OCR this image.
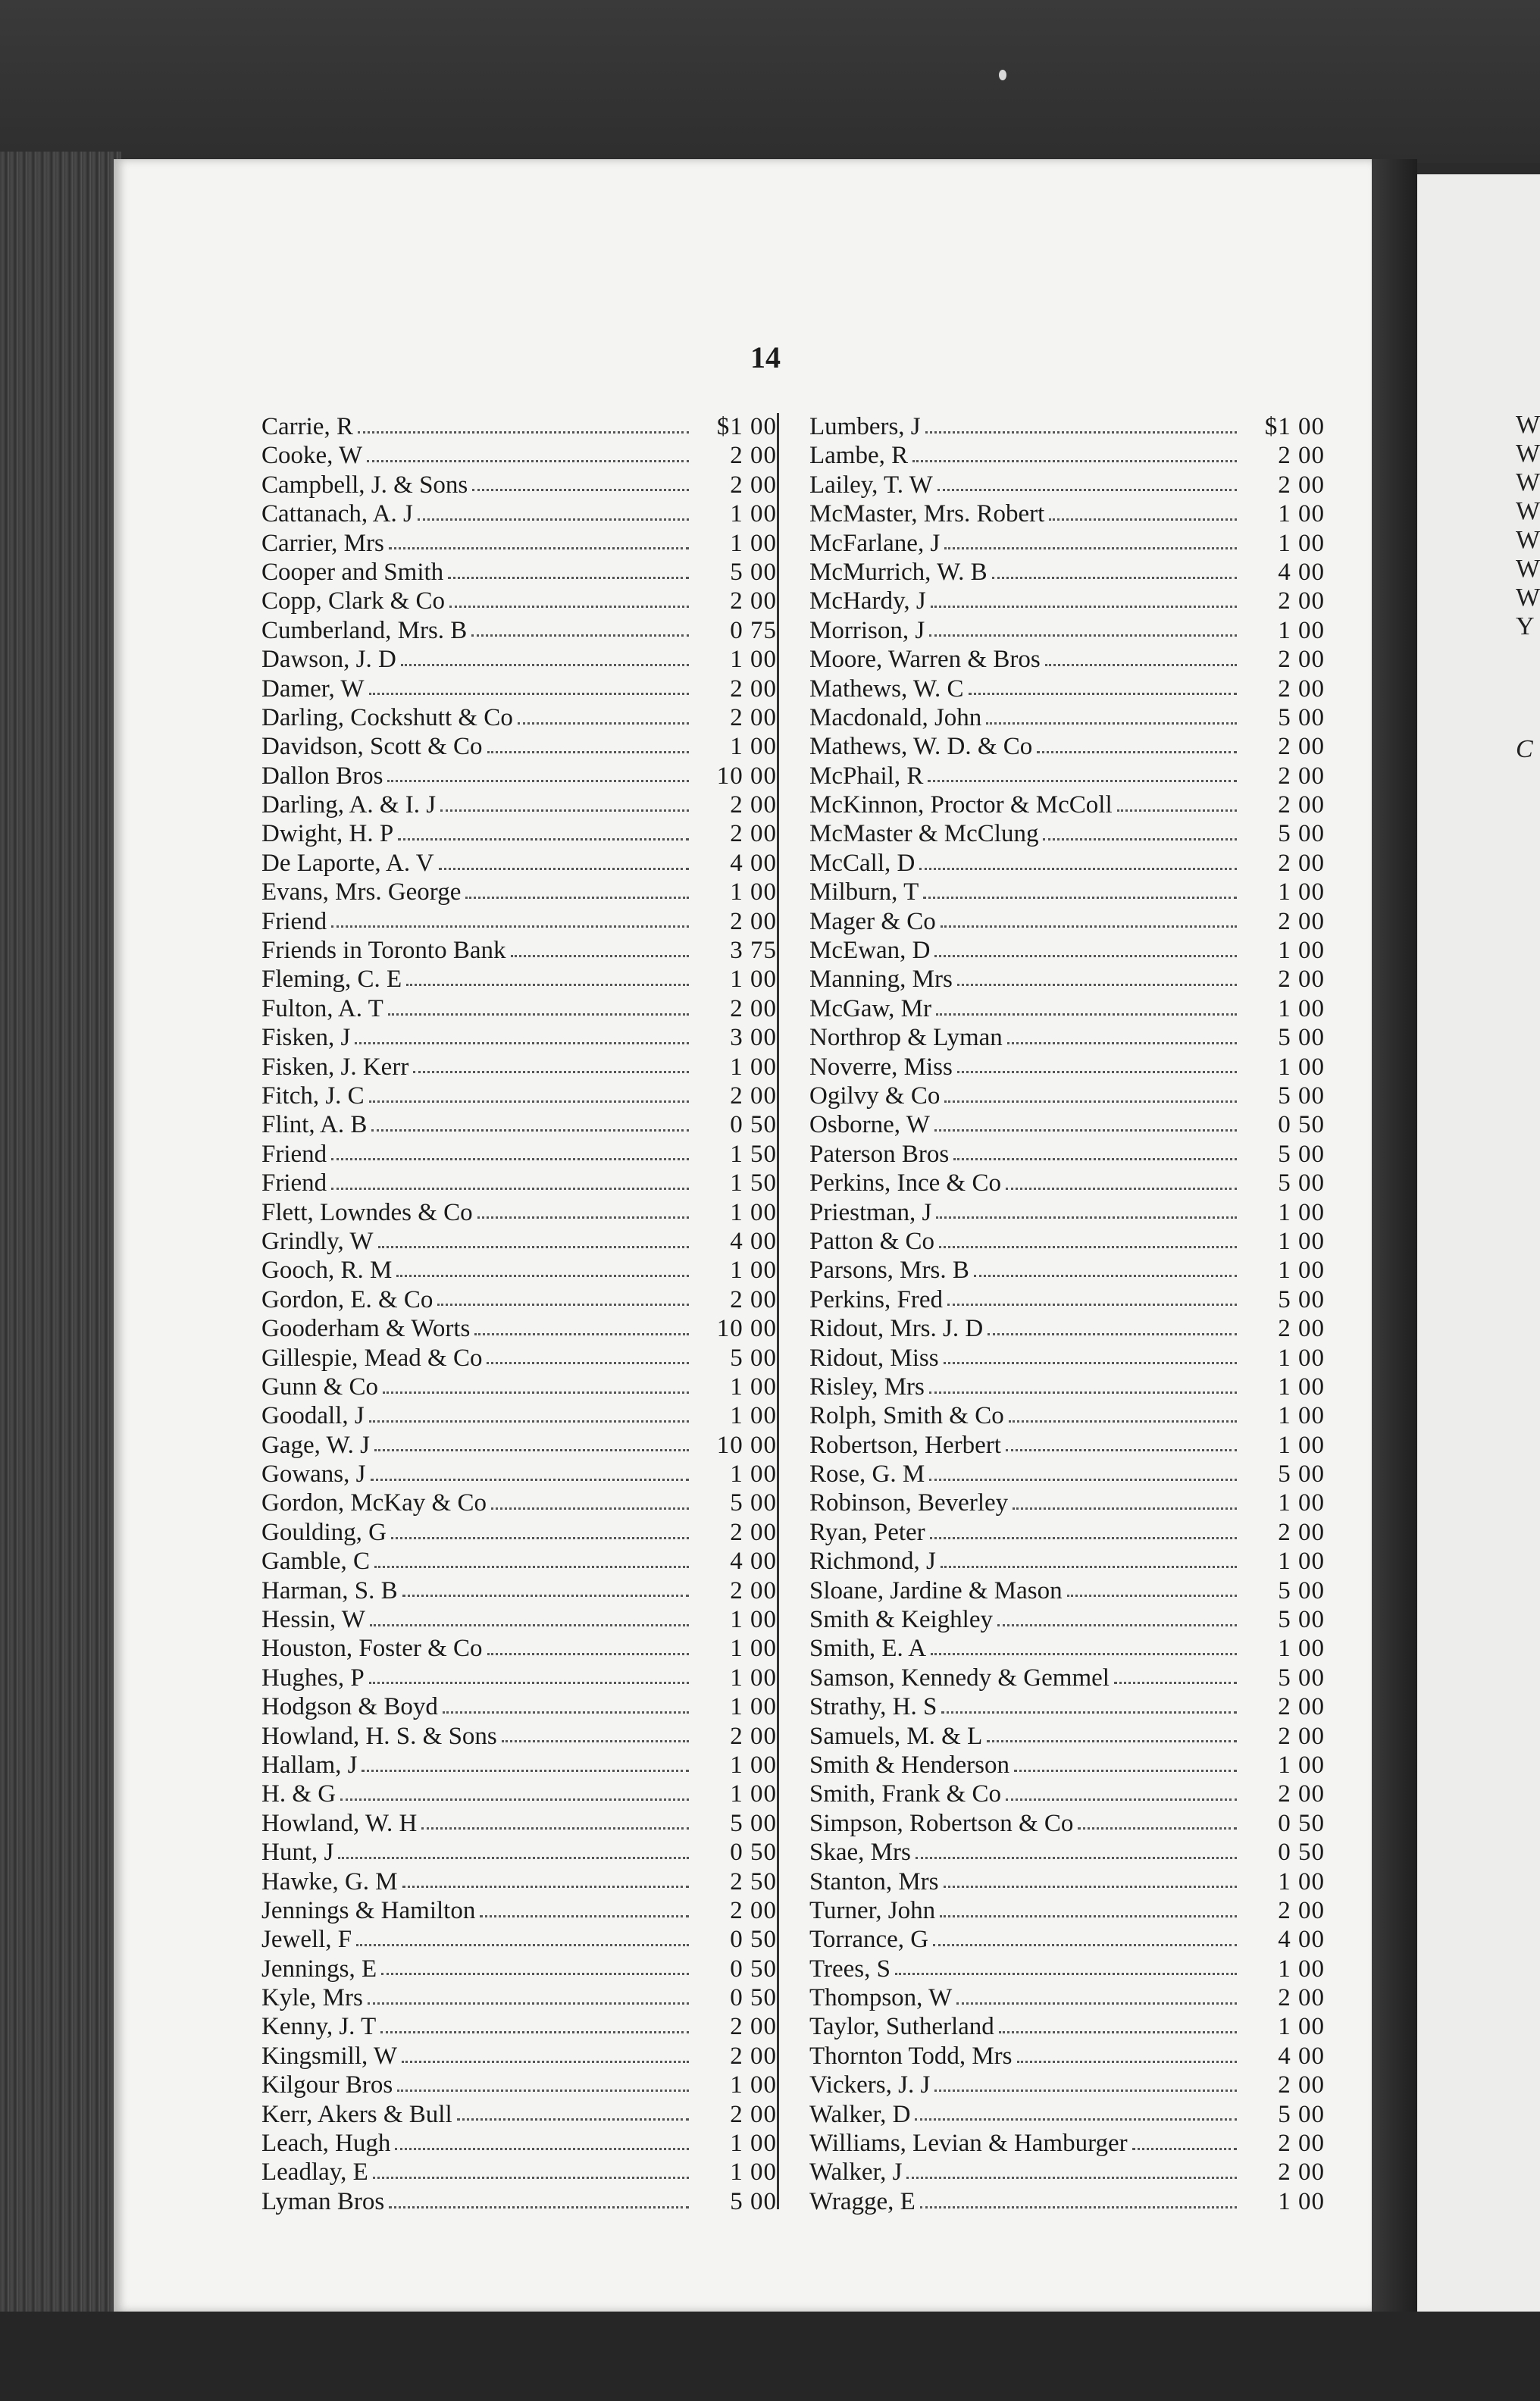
W
W
W
W
W
W
W
Y
C
14
Carrie, R	$1 00
Cooke, W	2 00
Campbell, J. & Sons	2 00
Cattanach, A. J	1 00
Carrier, Mrs	1 00
Cooper and Smith	5 00
Copp, Clark & Co	2 00
Cumberland, Mrs. B	0 75
Dawson, J. D	1 00
Damer, W	2 00
Darling, Cockshutt & Co	2 00
Davidson, Scott & Co	1 00
Dallon Bros	10 00
Darling, A. & I. J	2 00
Dwight, H. P	2 00
De Laporte, A. V	4 00
Evans, Mrs. George	1 00
Friend	2 00
Friends in Toronto Bank	3 75
Fleming, C. E	1 00
Fulton, A. T	2 00
Fisken, J	3 00
Fisken, J. Kerr	1 00
Fitch, J. C	2 00
Flint, A. B	0 50
Friend	1 50
Friend	1 50
Flett, Lowndes & Co	1 00
Grindly, W	4 00
Gooch, R. M	1 00
Gordon, E. & Co	2 00
Gooderham & Worts	10 00
Gillespie, Mead & Co	5 00
Gunn & Co	1 00
Goodall, J	1 00
Gage, W. J	10 00
Gowans, J	1 00
Gordon, McKay & Co	5 00
Goulding, G	2 00
Gamble, C	4 00
Harman, S. B	2 00
Hessin, W	1 00
Houston, Foster & Co	1 00
Hughes, P	1 00
Hodgson & Boyd	1 00
Howland, H. S. & Sons	2 00
Hallam, J	1 00
H. & G	1 00
Howland, W. H	5 00
Hunt, J	0 50
Hawke, G. M	2 50
Jennings & Hamilton	2 00
Jewell, F	0 50
Jennings, E	0 50
Kyle, Mrs	0 50
Kenny, J. T	2 00
Kingsmill, W	2 00
Kilgour Bros	1 00
Kerr, Akers & Bull	2 00
Leach, Hugh	1 00
Leadlay, E	1 00
Lyman Bros	5 00
Lumbers, J	$1 00
Lambe, R	2 00
Lailey, T. W	2 00
McMaster, Mrs. Robert	1 00
McFarlane, J	1 00
McMurrich, W. B	4 00
McHardy, J	2 00
Morrison, J	1 00
Moore, Warren & Bros	2 00
Mathews, W. C	2 00
Macdonald, John	5 00
Mathews, W. D. & Co	2 00
McPhail, R	2 00
McKinnon, Proctor & McColl	2 00
McMaster & McClung	5 00
McCall, D	2 00
Milburn, T	1 00
Mager & Co	2 00
McEwan, D	1 00
Manning, Mrs	2 00
McGaw, Mr	1 00
Northrop & Lyman	5 00
Noverre, Miss	1 00
Ogilvy & Co	5 00
Osborne, W	0 50
Paterson Bros	5 00
Perkins, Ince & Co	5 00
Priestman, J	1 00
Patton & Co	1 00
Parsons, Mrs. B	1 00
Perkins, Fred	5 00
Ridout, Mrs. J. D	2 00
Ridout, Miss	1 00
Risley, Mrs	1 00
Rolph, Smith & Co	1 00
Robertson, Herbert	1 00
Rose, G. M	5 00
Robinson, Beverley	1 00
Ryan, Peter	2 00
Richmond, J	1 00
Sloane, Jardine & Mason	5 00
Smith & Keighley	5 00
Smith, E. A	1 00
Samson, Kennedy & Gemmel	5 00
Strathy, H. S	2 00
Samuels, M. & L	2 00
Smith & Henderson	1 00
Smith, Frank & Co	2 00
Simpson, Robertson & Co	0 50
Skae, Mrs	0 50
Stanton, Mrs	1 00
Turner, John	2 00
Torrance, G	4 00
Trees, S	1 00
Thompson, W	2 00
Taylor, Sutherland	1 00
Thornton Todd, Mrs	4 00
Vickers, J. J	2 00
Walker, D	5 00
Williams, Levian & Hamburger	2 00
Walker, J	2 00
Wragge, E	1 00
